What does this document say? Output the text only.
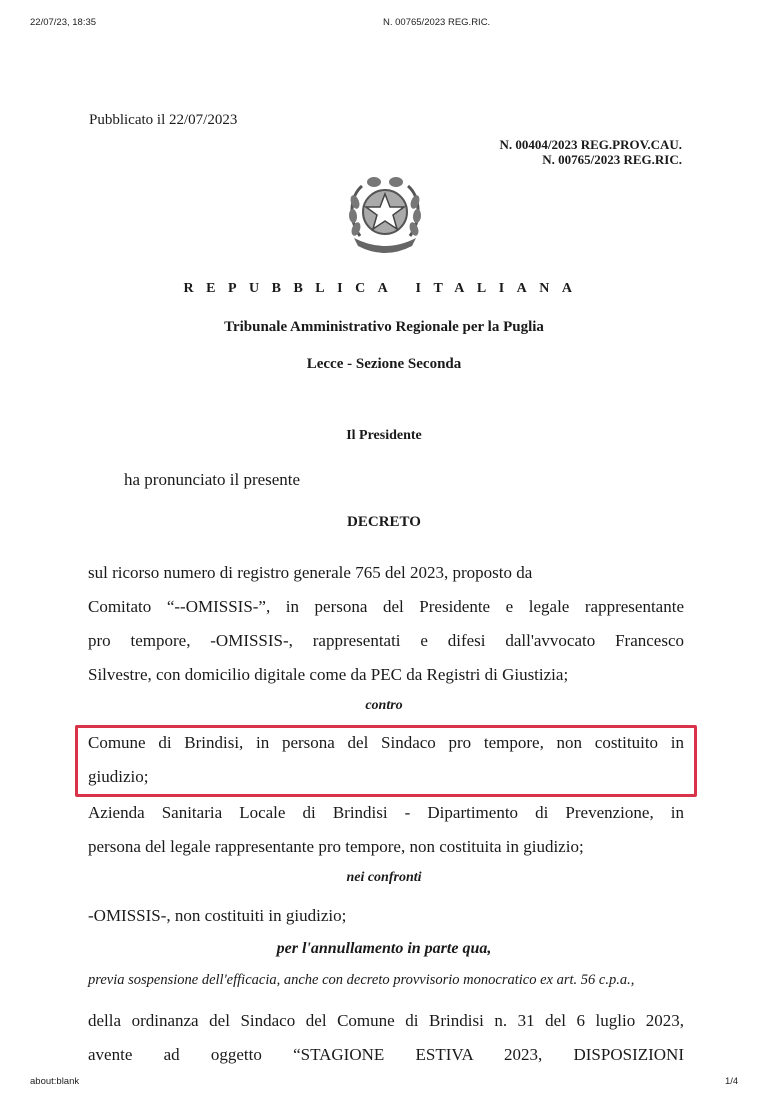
22/07/23, 18:35	N. 00765/2023 REG.RIC.
Pubblicato il 22/07/2023
N. 00404/2023 REG.PROV.CAU.
N. 00765/2023 REG.RIC.
REPUBBLICA ITALIANA
Tribunale Amministrativo Regionale per la Puglia
Lecce - Sezione Seconda
Il Presidente
ha pronunciato il presente
DECRETO
sul ricorso numero di registro generale 765 del 2023, proposto da
Comitato “--OMISSIS-”, in persona del Presidente e legale rappresentante
pro tempore, -OMISSIS-, rappresentati e difesi dall'avvocato Francesco
Silvestre, con domicilio digitale come da PEC da Registri di Giustizia;
contro
Comune di Brindisi, in persona del Sindaco pro tempore, non costituito in
giudizio;
Azienda Sanitaria Locale di Brindisi - Dipartimento di Prevenzione, in
persona del legale rappresentante pro tempore, non costituita in giudizio;
nei confronti
-OMISSIS-, non costituiti in giudizio;
per l'annullamento in parte qua,
previa sospensione dell'efficacia, anche con decreto provvisorio monocratico ex art. 56 c.p.a.,
della ordinanza del Sindaco del Comune di Brindisi n. 31 del 6 luglio 2023,
avente ad oggetto “STAGIONE ESTIVA 2023, DISPOSIZIONI
about:blank	1/4
